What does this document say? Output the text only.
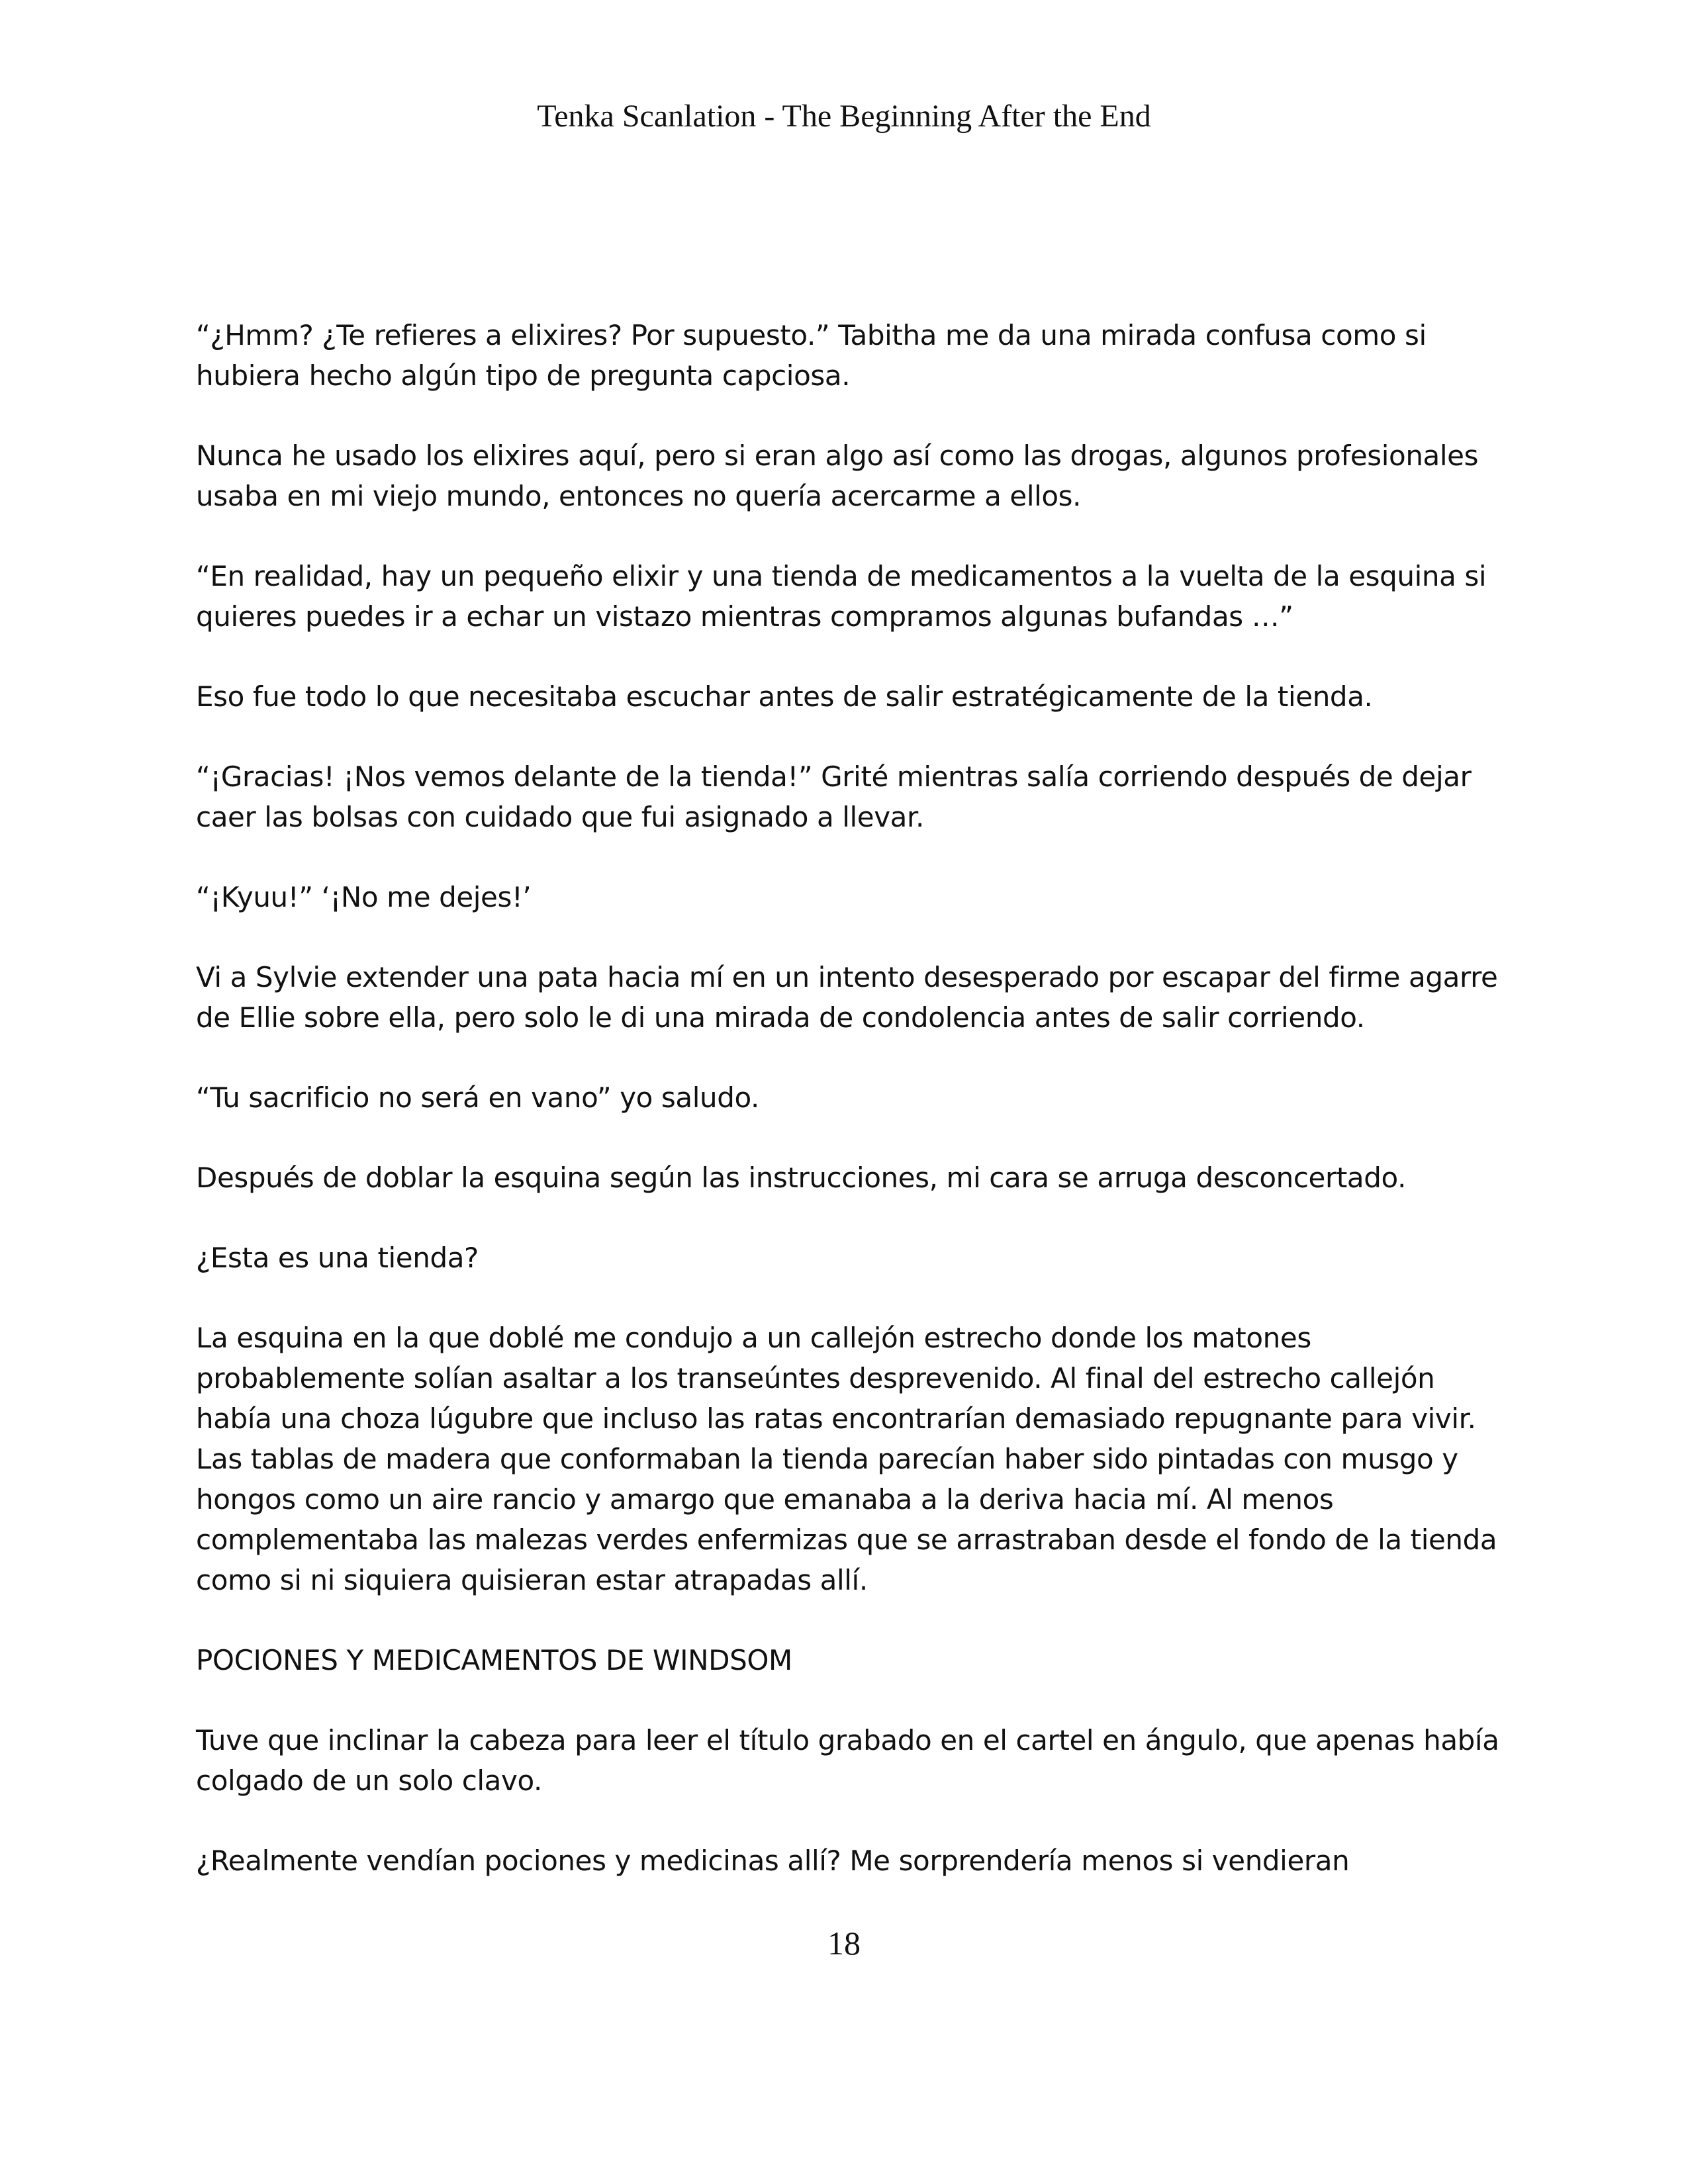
Tenka Scanlation - The Beginning After the End

“¿Hmm? ¿Te refieres a elixires? Por supuesto.” Tabitha me da una mirada confusa como si hubiera hecho algún tipo de pregunta capciosa.

Nunca he usado los elixires aquí, pero si eran algo así como las drogas, algunos profesionales usaba en mi viejo mundo, entonces no quería acercarme a ellos.

“En realidad, hay un pequeño elixir y una tienda de medicamentos a la vuelta de la esquina si quieres puedes ir a echar un vistazo mientras compramos algunas bufandas …”

Eso fue todo lo que necesitaba escuchar antes de salir estratégicamente de la tienda.

“¡Gracias! ¡Nos vemos delante de la tienda!” Grité mientras salía corriendo después de dejar caer las bolsas con cuidado que fui asignado a llevar.

“¡Kyuu!” ‘¡No me dejes!’

Vi a Sylvie extender una pata hacia mí en un intento desesperado por escapar del firme agarre de Ellie sobre ella, pero solo le di una mirada de condolencia antes de salir corriendo.

“Tu sacrificio no será en vano” yo saludo.

Después de doblar la esquina según las instrucciones, mi cara se arruga desconcertado.

¿Esta es una tienda?

La esquina en la que doblé me condujo a un callejón estrecho donde los matones probablemente solían asaltar a los transeúntes desprevenido. Al final del estrecho callejón había una choza lúgubre que incluso las ratas encontrarían demasiado repugnante para vivir. Las tablas de madera que conformaban la tienda parecían haber sido pintadas con musgo y hongos como un aire rancio y amargo que emanaba a la deriva hacia mí. Al menos complementaba las malezas verdes enfermizas que se arrastraban desde el fondo de la tienda como si ni siquiera quisieran estar atrapadas allí.

POCIONES Y MEDICAMENTOS DE WINDSOM

Tuve que inclinar la cabeza para leer el título grabado en el cartel en ángulo, que apenas había colgado de un solo clavo.

¿Realmente vendían pociones y medicinas allí? Me sorprendería menos si vendieran

18
